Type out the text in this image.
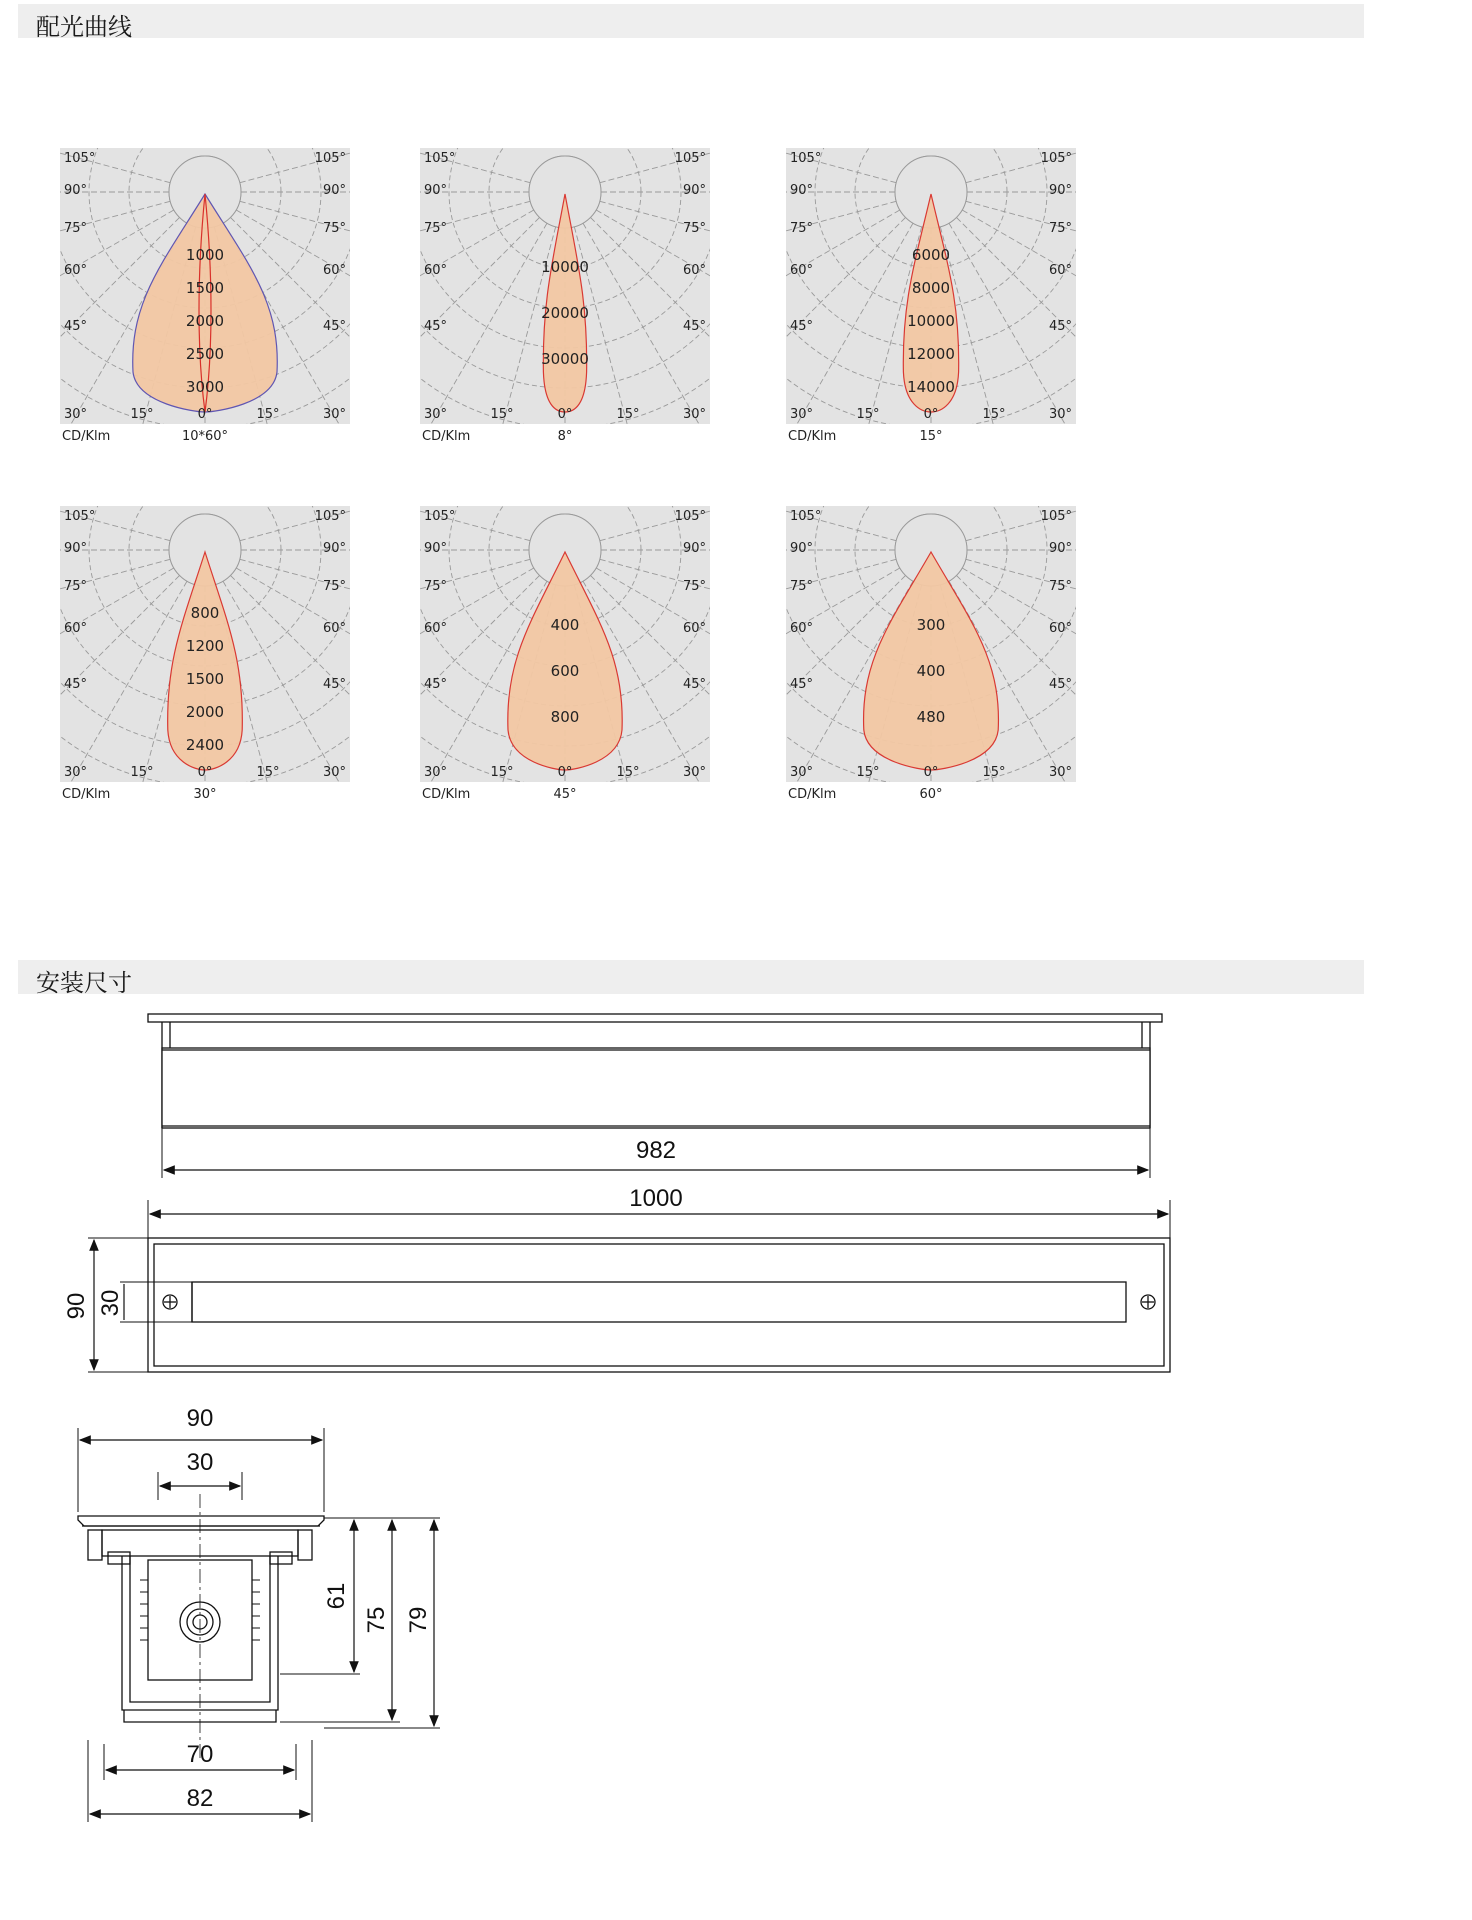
配光曲线
1000
1500
2000
2500
3000
105°	105°
90°	90°
75°	75°
60°	60°
45°	45°
30°	30°
15°	15°
0°
CD/Klm	10*60°
10000
20000
30000
105°	105°
90°	90°
75°	75°
60°	60°
45°	45°
30°	30°
15°	15°
0°
CD/Klm	8°
6000
8000
10000
12000
14000
105°	105°
90°	90°
75°	75°
60°	60°
45°	45°
30°	30°
15°	15°
0°
CD/Klm	15°
800
1200
1500
2000
2400
105°	105°
90°	90°
75°	75°
60°	60°
45°	45°
30°	30°
15°	15°
0°
CD/Klm	30°
400
600
800
105°	105°
90°	90°
75°	75°
60°	60°
45°	45°
30°	30°
15°	15°
0°
CD/Klm	45°
300
400
480
105°	105°
90°	90°
75°	75°
60°	60°
45°	45°
30°	30°
15°	15°
0°
CD/Klm	60°
安装尺寸
982
1000
90 30
90
30
61
75 79
70
82
